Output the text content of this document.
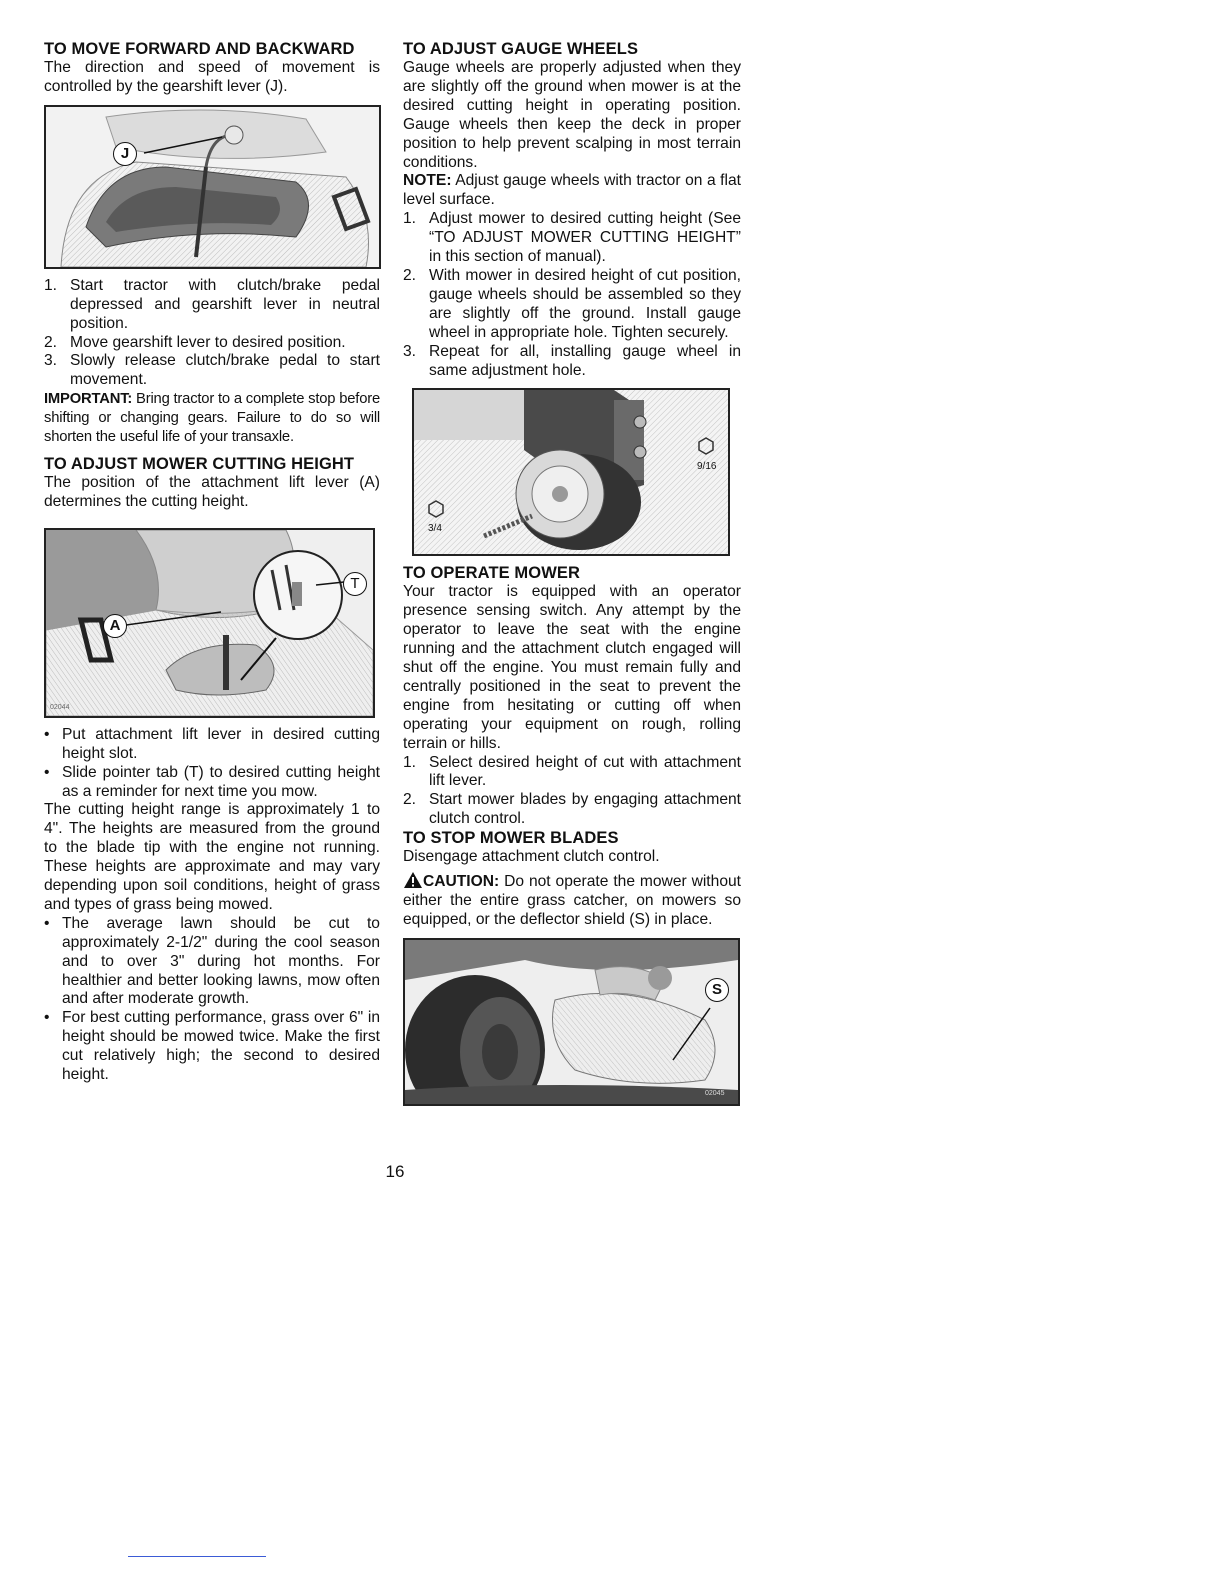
TO MOVE FORWARD AND BACKWARD

The direction and speed of movement is controlled by the gearshift lever (J).

J
1. Start tractor with clutch/brake pedal depressed and gearshift lever in neutral position.
2. Move gearshift lever to desired position.
3. Slowly release clutch/brake pedal to start movement.

IMPORTANT: Bring tractor to a complete stop before shifting or changing gears. Failure to do so will shorten the useful life of your transaxle.

TO ADJUST MOWER CUTTING HEIGHT

The position of the attachment lift lever (A) determines the cutting height.

A
T
02044
• Put attachment lift lever in desired cutting height slot.
• Slide pointer tab (T) to desired cutting height as a reminder for next time you mow.

The cutting height range is approximately 1 to 4". The heights are measured from the ground to the blade tip with the engine not running. These heights are approximate and may vary depending upon soil conditions, height of grass and types of grass being mowed.

• The average lawn should be cut to approximately 2-1/2" during the cool season and to over 3" during hot months. For healthier and better looking lawns, mow often and after moderate growth.
• For best cutting performance, grass over 6" in height should be mowed twice. Make the first cut relatively high; the second to desired height.
TO ADJUST GAUGE WHEELS

Gauge wheels are properly adjusted when they are slightly off the ground when mower is at the desired cutting height in operating position. Gauge wheels then keep the deck in proper position to help prevent scalping in most terrain conditions.

NOTE: Adjust gauge wheels with tractor on a flat level surface.

1. Adjust mower to desired cutting height (See “TO ADJUST MOWER CUTTING HEIGHT” in this section of manual).
2. With mower in desired height of cut position, gauge wheels should be assembled so they are slightly off the ground. Install gauge wheel in appropriate hole. Tighten securely.
3. Repeat for all, installing gauge wheel in same adjustment hole.
9/16
3/4
TO OPERATE MOWER

Your tractor is equipped with an operator presence sensing switch. Any attempt by the operator to leave the seat with the engine running and the attachment clutch engaged will shut off the engine. You must remain fully and centrally positioned in the seat to prevent the engine from hesitating or cutting off when operating your equipment on rough, rolling terrain or hills.

1. Select desired height of cut with attachment lift lever.
2. Start mower blades by engaging attachment clutch control.
TO STOP MOWER BLADES

Disengage attachment clutch control.

CAUTION: Do not operate the mower without either the entire grass catcher, on mowers so equipped, or the deflector shield (S) in place.

S
02045
16
